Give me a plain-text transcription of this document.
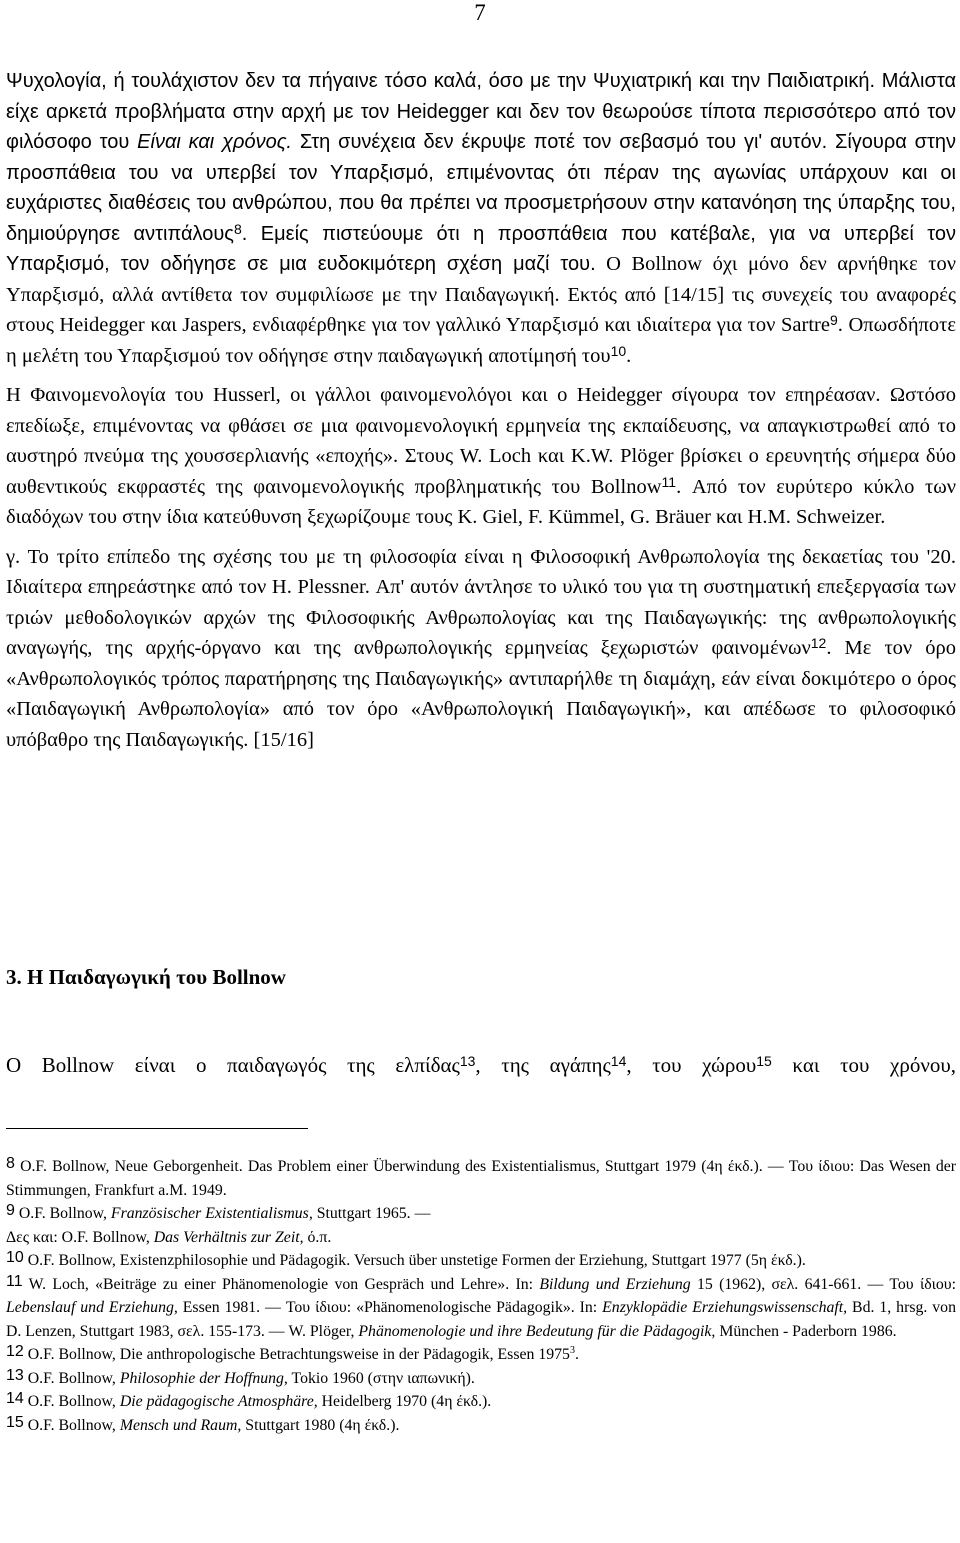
7

Ψυχολογία, ή τουλάχιστον δεν τα πήγαινε τόσο καλά, όσο με την Ψυχιατρική και την Παιδιατρική. Μάλιστα είχε αρκετά προβλήματα στην αρχή με τον Heidegger και δεν τον θεωρούσε τίποτα περισσότερο από τον φιλόσοφο του Είναι και χρόνος. Στη συνέχεια δεν έκρυψε ποτέ τον σεβασμό του γι' αυτόν. Σίγουρα στην προσπάθεια του να υπερβεί τον Υπαρξισμό, επιμένοντας ότι πέραν της αγωνίας υπάρχουν και οι ευχάριστες διαθέσεις του ανθρώπου, που θα πρέπει να προσμετρήσουν στην κατανόηση της ύπαρξης του, δημιούργησε αντιπάλους$^8$. Εμείς πιστεύουμε ότι η προσπάθεια που κατέβαλε, για να υπερβεί τον Υπαρξισμό, τον οδήγησε σε μια ευδοκιμότερη σχέση μαζί του. O Bollnow όχι μόνο δεν αρνήθηκε τον Υπαρξισμό, αλλά αντίθετα τον συμφιλίωσε με την Παιδαγωγική. Εκτός από [14/15] τις συνεχείς του αναφορές στους Heidegger και Jaspers, ενδιαφέρθηκε για τον γαλλικό Υπαρξισμό και ιδιαίτερα για τον Sartre$^9$. Οπωσδήποτε η μελέτη του Υπαρξισμού τον οδήγησε στην παιδαγωγική αποτίμησή του$^{10}$.

Η Φαινομενολογία του Husserl, οι γάλλοι φαινομενολόγοι και ο Heidegger σίγουρα τον επηρέασαν. Ωστόσο επεδίωξε, επιμένοντας να φθάσει σε μια φαινομενολογική ερμηνεία της εκπαίδευσης, να απαγκιστρωθεί από το αυστηρό πνεύμα της χουσσερλιανής «εποχής». Στους W. Loch και K.W. Plöger βρίσκει ο ερευνητής σήμερα δύο αυθεντικούς εκφραστές της φαινομενολογικής προβληματικής του Bollnow$^{11}$. Από τον ευρύτερο κύκλο των διαδόχων του στην ίδια κατεύθυνση ξεχωρίζουμε τους K. Giel, F. Kümmel, G. Bräuer και H.M. Schweizer.

γ. Το τρίτο επίπεδο της σχέσης του με τη φιλοσοφία είναι η Φιλοσοφική Ανθρωπολογία της δεκαετίας του '20. Ιδιαίτερα επηρεάστηκε από τον H. Plessner. Απ' αυτόν άντλησε το υλικό του για τη συστηματική επεξεργασία των τριών μεθοδολογικών αρχών της Φιλοσοφικής Ανθρωπολογίας και της Παιδαγωγικής: της ανθρωπολογικής αναγωγής, της αρχής-όργανο και της ανθρωπολογικής ερμηνείας ξεχωριστών φαινομένων$^{12}$. Με τον όρο «Ανθρωπολογικός τρόπος παρατήρησης της Παιδαγωγικής» αντιπαρήλθε τη διαμάχη, εάν είναι δοκιμότερο ο όρος «Παιδαγωγική Ανθρωπολογία» από τον όρο «Ανθρωπολογική Παιδαγωγική», και απέδωσε το φιλοσοφικό υπόβαθρο της Παιδαγωγικής. [15/16]

3. Η Παιδαγωγική του Bollnow

O Bollnow είναι ο παιδαγωγός της ελπίδας$^{13}$, της αγάπης$^{14}$, του χώρου$^{15}$ και του χρόνου,

8 O.F. Bollnow, Neue Geborgenheit. Das Problem einer Überwindung des Existentialismus, Stuttgart 1979 (4η έκδ.). — Του ίδιου: Das Wesen der Stimmungen, Frankfurt a.M. 1949.

9 O.F. Bollnow, Französischer Existentialismus, Stuttgart 1965. —
Δες και: O.F. Bollnow, Das Verhältnis zur Zeit, ό.π.

10 O.F. Bollnow, Existenzphilosophie und Pädagogik. Versuch über unstetige Formen der Erziehung, Stuttgart 1977 (5η έκδ.).

11 W. Loch, «Beiträge zu einer Phänomenologie von Gespräch und Lehre». In: Bildung und Erziehung 15 (1962), σελ. 641-661. — Του ίδιου: Lebenslauf und Erziehung, Essen 1981. — Του ίδιου: «Phänomenologische Pädagogik». In: Enzyklopädie Erziehungswissenschaft, Bd. 1, hrsg. von D. Lenzen, Stuttgart 1983, σελ. 155-173. — W. Plöger, Phänomenologie und ihre Bedeutung für die Pädagogik, München - Paderborn 1986.

12 O.F. Bollnow, Die anthropologische Betrachtungsweise in der Pädagogik, Essen 1975$^3$.

13 O.F. Bollnow, Philosophie der Hoffnung, Tokio 1960 (στην ιαπωνική).

14 O.F. Bollnow, Die pädagogische Atmosphäre, Heidelberg 1970 (4η έκδ.).

15 O.F. Bollnow, Mensch und Raum, Stuttgart 1980 (4η έκδ.).
